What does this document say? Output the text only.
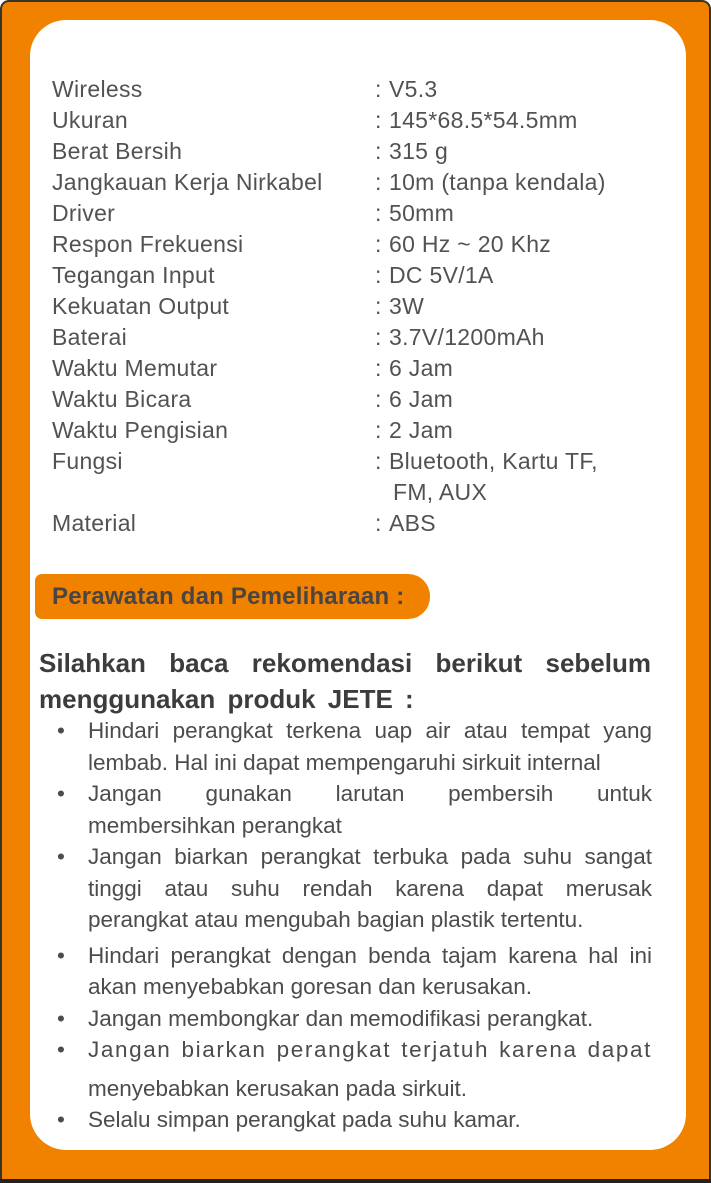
Wireless	: V5.3
Ukuran	: 145*68.5*54.5mm
Berat Bersih	: 315 g
Jangkauan Kerja Nirkabel	: 10m (tanpa kendala)
Driver	: 50mm
Respon Frekuensi	: 60 Hz ~ 20 Khz
Tegangan Input	: DC 5V/1A
Kekuatan Output	: 3W
Baterai	: 3.7V/1200mAh
Waktu Memutar	: 6 Jam
Waktu Bicara	: 6 Jam
Waktu Pengisian	: 2 Jam
Fungsi	: Bluetooth, Kartu TF,
FM, AUX
Material	: ABS
Perawatan dan Pemeliharaan :
Silahkan baca rekomendasi berikut sebelum
menggunakan produk JETE :
•	Hindari perangkat terkena uap air atau tempat yang
lembab. Hal ini dapat mempengaruhi sirkuit internal
•	Jangan gunakan larutan pembersih untuk
membersihkan perangkat
•	Jangan biarkan perangkat terbuka pada suhu sangat
tinggi atau suhu rendah karena dapat merusak
perangkat atau mengubah bagian plastik tertentu.
•	Hindari perangkat dengan benda tajam karena hal ini
akan menyebabkan goresan dan kerusakan.
•	Jangan membongkar dan memodifikasi perangkat.
•	Jangan biarkan perangkat terjatuh karena dapat
menyebabkan kerusakan pada sirkuit.
•	Selalu simpan perangkat pada suhu kamar.
